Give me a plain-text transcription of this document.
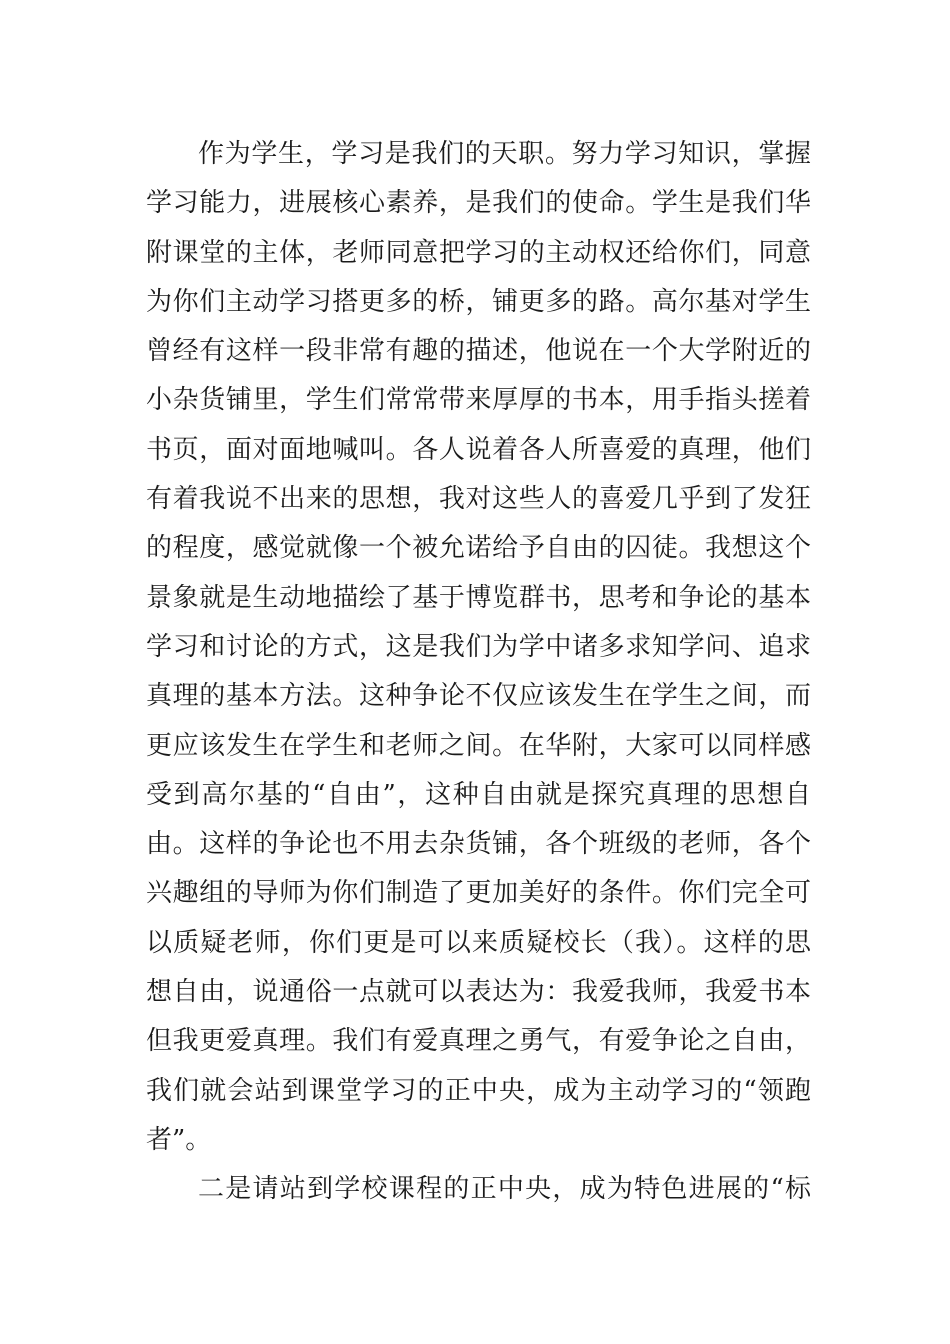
作为学生，学习是我们的天职。努力学习知识，掌握
学习能力，进展核心素养，是我们的使命。学生是我们华
附课堂的主体，老师同意把学习的主动权还给你们，同意
为你们主动学习搭更多的桥，铺更多的路。高尔基对学生
曾经有这样一段非常有趣的描述，他说在一个大学附近的
小杂货铺里，学生们常常带来厚厚的书本，用手指头搓着
书页，面对面地喊叫。各人说着各人所喜爱的真理，他们
有着我说不出来的思想，我对这些人的喜爱几乎到了发狂
的程度，感觉就像一个被允诺给予自由的囚徒。我想这个
景象就是生动地描绘了基于博览群书，思考和争论的基本
学习和讨论的方式，这是我们为学中诸多求知学问、追求
真理的基本方法。这种争论不仅应该发生在学生之间，而
更应该发生在学生和老师之间。在华附，大家可以同样感
受到高尔基的“自由”，这种自由就是探究真理的思想自
由。这样的争论也不用去杂货铺，各个班级的老师，各个
兴趣组的导师为你们制造了更加美好的条件。你们完全可
以质疑老师，你们更是可以来质疑校长（我）。这样的思
想自由，说通俗一点就可以表达为：我爱我师，我爱书本
但我更爱真理。我们有爱真理之勇气，有爱争论之自由，
我们就会站到课堂学习的正中央，成为主动学习的“领跑
者”。
二是请站到学校课程的正中央，成为特色进展的“标
